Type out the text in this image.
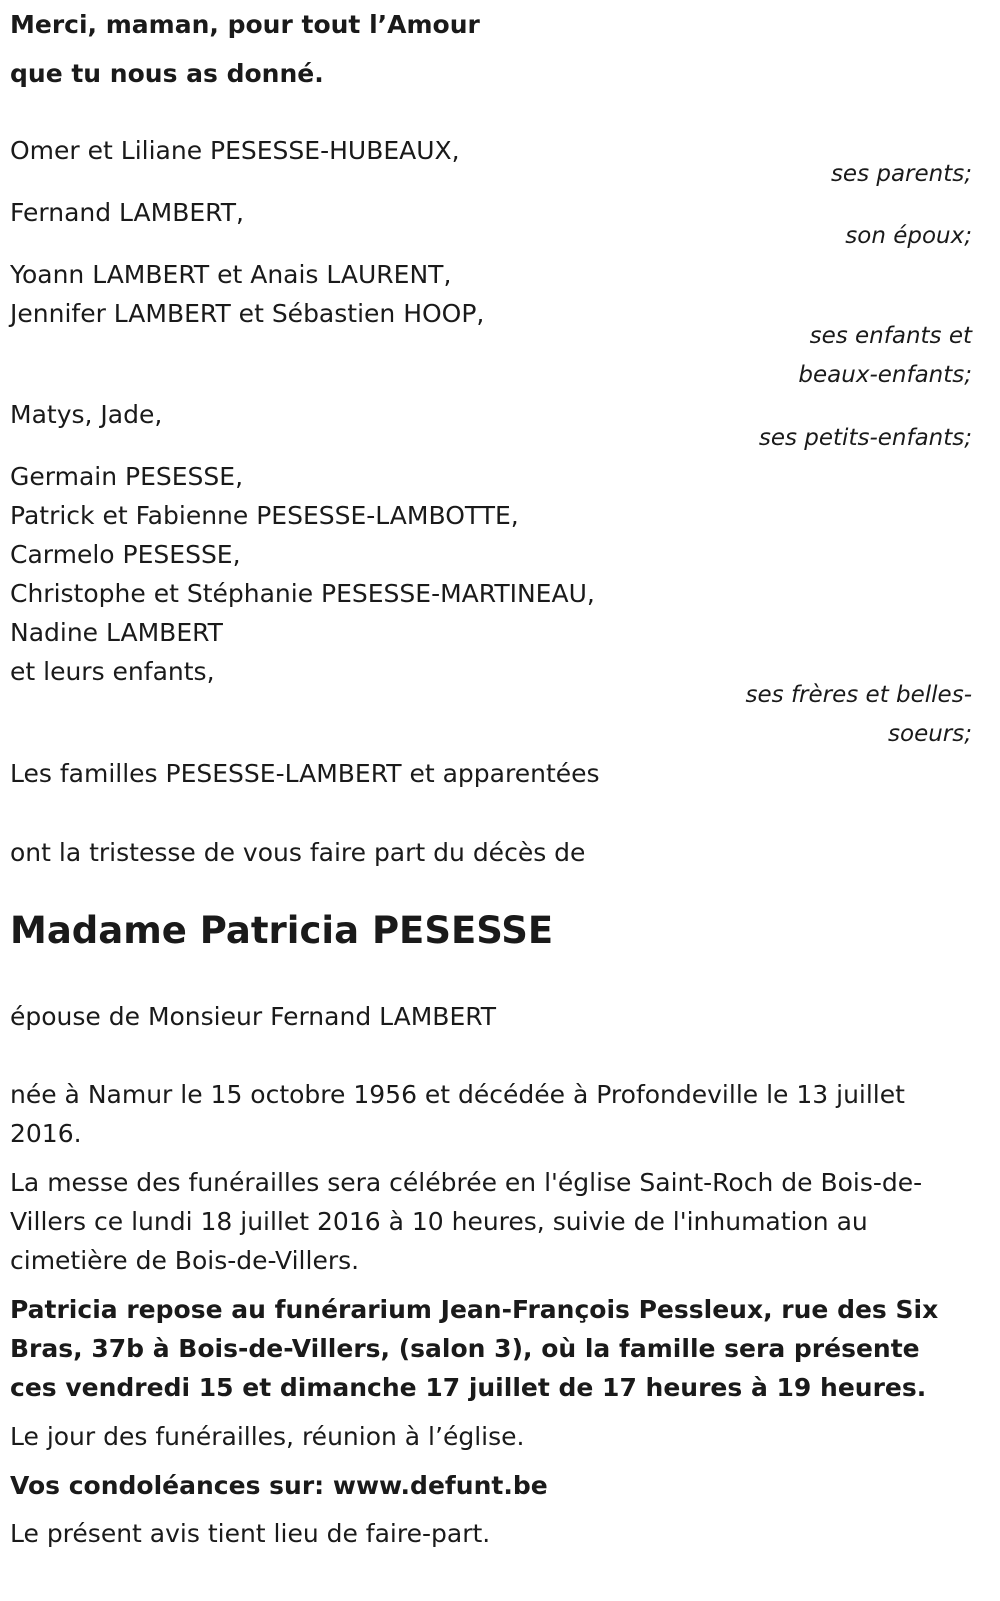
Merci, maman, pour tout l’Amour
que tu nous as donné.
Omer et Liliane PESESSE-HUBEAUX,
ses parents;
Fernand LAMBERT,
son époux;
Yoann LAMBERT et Anais LAURENT,
Jennifer LAMBERT et Sébastien HOOP,
ses enfants et
beaux-enfants;
Matys, Jade,
ses petits-enfants;
Germain PESESSE,
Patrick et Fabienne PESESSE-LAMBOTTE,
Carmelo PESESSE,
Christophe et Stéphanie PESESSE-MARTINEAU,
Nadine LAMBERT
et leurs enfants,
ses frères et belles-
soeurs;
Les familles PESESSE-LAMBERT et apparentées
ont la tristesse de vous faire part du décès de
Madame Patricia PESESSE
épouse de Monsieur Fernand LAMBERT
née à Namur le 15 octobre 1956 et décédée à Profondeville le 13 juillet 2016.
La messe des funérailles sera célébrée en l'église Saint-Roch de Bois-de-Villers ce lundi 18 juillet 2016 à 10 heures, suivie de l'inhumation au cimetière de Bois-de-Villers.
Patricia repose au funérarium Jean-François Pessleux, rue des Six Bras, 37b à Bois-de-Villers, (salon 3), où la famille sera présente ces vendredi 15 et dimanche 17 juillet de 17 heures à 19 heures.
Le jour des funérailles, réunion à l’église.
Vos condoléances sur: www.defunt.be
Le présent avis tient lieu de faire-part.
